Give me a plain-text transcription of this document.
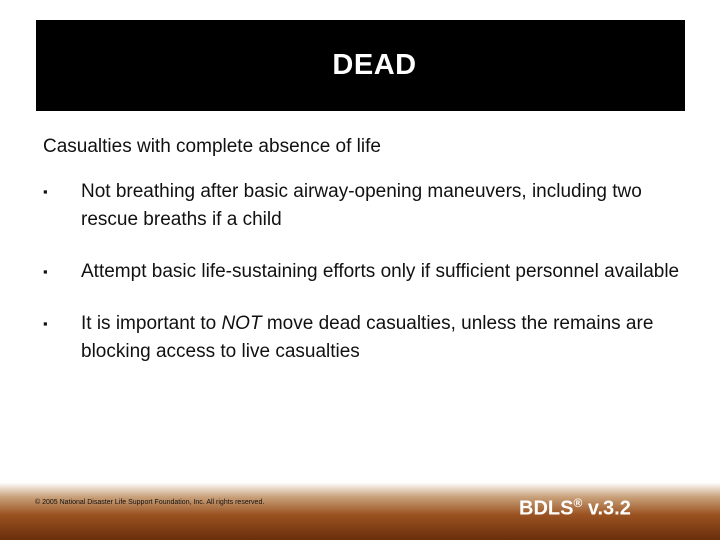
DEAD

Casualties with complete absence of life

▪ Not breathing after basic airway-opening maneuvers, including two rescue breaths if a child
▪ Attempt basic life-sustaining efforts only if sufficient personnel available
▪ It is important to NOT move dead casualties, unless the remains are blocking access to live casualties

© 2005 National Disaster Life Support Foundation, Inc. All rights reserved.	BDLS® v.3.2
